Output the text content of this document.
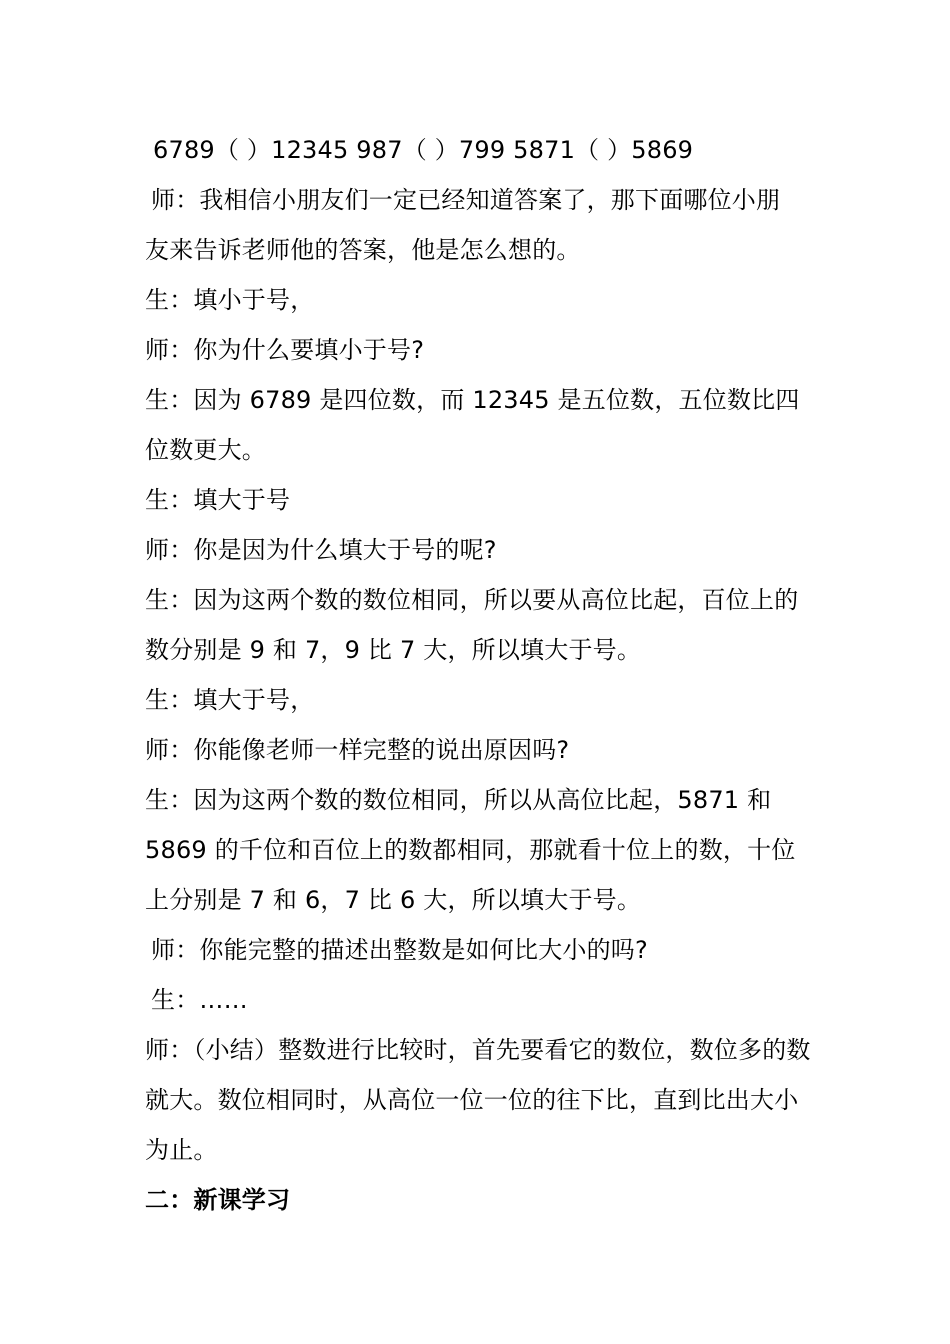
6789（ ）12345 987（ ）799 5871（ ）5869
师：我相信小朋友们一定已经知道答案了，那下面哪位小朋
友来告诉老师他的答案，他是怎么想的。
生：填小于号，
师：你为什么要填小于号?
生：因为 6789 是四位数，而 12345 是五位数，五位数比四
位数更大。
生：填大于号
师：你是因为什么填大于号的呢?
生：因为这两个数的数位相同，所以要从高位比起，百位上的
数分别是 9 和 7，9 比 7 大，所以填大于号。
生：填大于号，
师：你能像老师一样完整的说出原因吗?
生：因为这两个数的数位相同，所以从高位比起，5871 和
5869 的千位和百位上的数都相同，那就看十位上的数，十位
上分别是 7 和 6，7 比 6 大，所以填大于号。
师：你能完整的描述出整数是如何比大小的吗?
生：……
师：（小结）整数进行比较时，首先要看它的数位，数位多的数
就大。数位相同时，从高位一位一位的往下比，直到比出大小
为止。
二：新课学习
